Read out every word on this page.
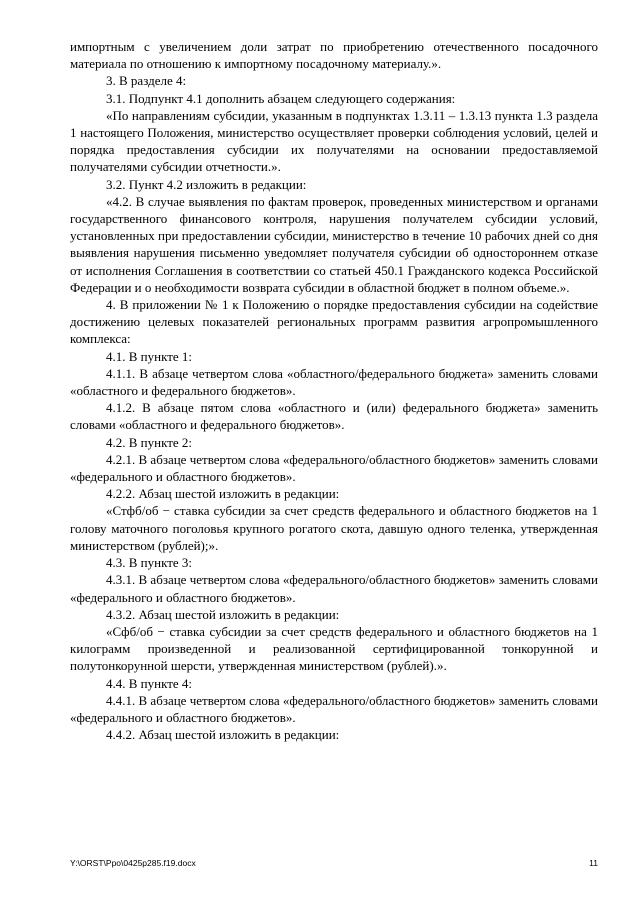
импортным с увеличением доли затрат по приобретению отечественного посадочного материала по отношению к импортному посадочному материалу.».

3. В разделе 4:

3.1. Подпункт 4.1 дополнить абзацем следующего содержания:

«По направлениям субсидии, указанным в подпунктах 1.3.11 – 1.3.13 пункта 1.3 раздела 1 настоящего Положения, министерство осуществляет проверки соблюдения условий, целей и порядка предоставления субсидии их получателями на основании предоставляемой получателями субсидии отчетности.».

3.2. Пункт 4.2 изложить в редакции:

«4.2. В случае выявления по фактам проверок, проведенных министерством и органами государственного финансового контроля, нарушения получателем субсидии условий, установленных при предоставлении субсидии, министерство в течение 10 рабочих дней со дня выявления нарушения письменно уведомляет получателя субсидии об одностороннем отказе от исполнения Соглашения в соответствии со статьей 450.1 Гражданского кодекса Российской Федерации и о необходимости возврата субсидии в областной бюджет в полном объеме.».

4. В приложении № 1 к Положению о порядке предоставления субсидии на содействие достижению целевых показателей региональных программ развития агропромышленного комплекса:

4.1. В пункте 1:

4.1.1. В абзаце четвертом слова «областного/федерального бюджета» заменить словами «областного и федерального бюджетов».

4.1.2. В абзаце пятом слова «областного и (или) федерального бюджета» заменить словами «областного и федерального бюджетов».

4.2. В пункте 2:

4.2.1. В абзаце четвертом слова «федерального/областного бюджетов» заменить словами «федерального и областного бюджетов».

4.2.2. Абзац шестой изложить в редакции:

«Стфб/об − ставка субсидии за счет средств федерального и областного бюджетов на 1 голову маточного поголовья крупного рогатого скота, давшую одного теленка, утвержденная министерством (рублей);».

4.3. В пункте 3:

4.3.1. В абзаце четвертом слова «федерального/областного бюджетов» заменить словами «федерального и областного бюджетов».

4.3.2. Абзац шестой изложить в редакции:

«Сфб/об − ставка субсидии за счет средств федерального и областного бюджетов на 1 килограмм произведенной и реализованной сертифицированной тонкорунной и полутонкорунной шерсти, утвержденная министерством (рублей).».

4.4. В пункте 4:

4.4.1. В абзаце четвертом слова «федерального/областного бюджетов» заменить словами «федерального и областного бюджетов».

4.4.2. Абзац шестой изложить в редакции:

Y:\ORST\Ppo\0425p285.f19.docx	11
